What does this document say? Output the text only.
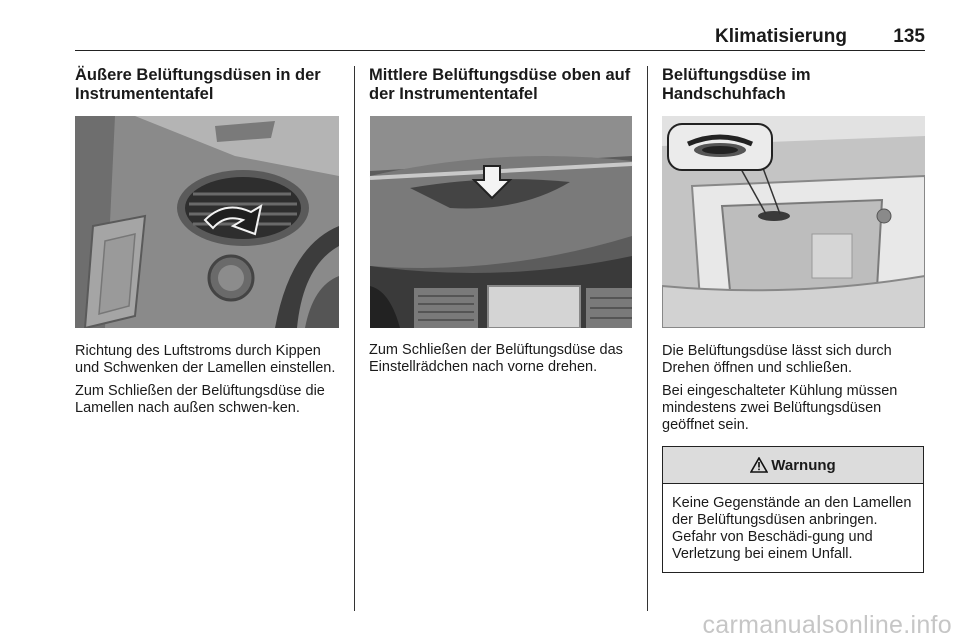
Klimatisierung 135
Äußere Belüftungsdüsen in der Instrumententafel

Richtung des Luftstroms durch Kippen und Schwenken der Lamellen einstellen.

Zum Schließen der Belüftungsdüse die Lamellen nach außen schwen-ken.

Mittlere Belüftungsdüse oben auf der Instrumententafel

Zum Schließen der Belüftungsdüse das Einstellrädchen nach vorne drehen.

Belüftungsdüse im Handschuhfach

Die Belüftungsdüse lässt sich durch Drehen öffnen und schließen.

Bei eingeschalteter Kühlung müssen mindestens zwei Belüftungsdüsen geöffnet sein.

Warnung
Keine Gegenstände an den Lamellen der Belüftungsdüsen anbringen. Gefahr von Beschädi-gung und Verletzung bei einem Unfall.
carmanualsonline.info
